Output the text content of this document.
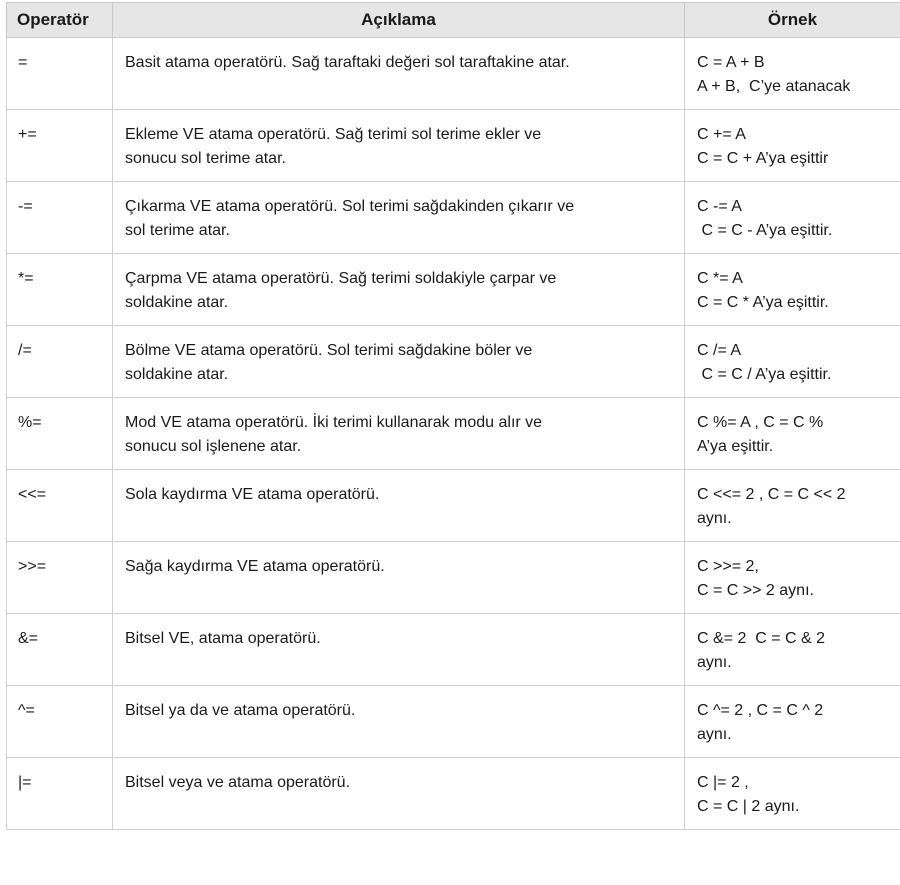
Operatör	Açıklama	Örnek
=	Basit atama operatörü. Sağ taraftaki değeri sol taraftakine atar.	C = A + B
A + B,  C’ye atanacak

+=	Ekleme VE atama operatörü. Sağ terimi sol terime ekler ve
sonucu sol terime atar.	C += A
C = C + A’ya eşittir

-=	Çıkarma VE atama operatörü. Sol terimi sağdakinden çıkarır ve
sol terime atar.	C -= A
C = C - A’ya eşittir.

*=	Çarpma VE atama operatörü. Sağ terimi soldakiyle çarpar ve
soldakine atar.	C *= A
C = C * A’ya eşittir.

/=	Bölme VE atama operatörü. Sol terimi sağdakine böler ve
soldakine atar.	C /= A
C = C / A’ya eşittir.

%=	Mod VE atama operatörü. İki terimi kullanarak modu alır ve
sonucu sol işlenene atar.	C %= A , C = C %
A’ya eşittir.

<<=	Sola kaydırma VE atama operatörü.	C <<= 2 , C = C << 2
aynı.

>>=	Sağa kaydırma VE atama operatörü.	C >>= 2,
C = C >> 2 aynı.

&=	Bitsel VE, atama operatörü.	C &= 2  C = C & 2
aynı.

^=	Bitsel ya da ve atama operatörü.	C ^= 2 , C = C ^ 2
aynı.

|=	Bitsel veya ve atama operatörü.	C |= 2 ,
C = C | 2 aynı.
